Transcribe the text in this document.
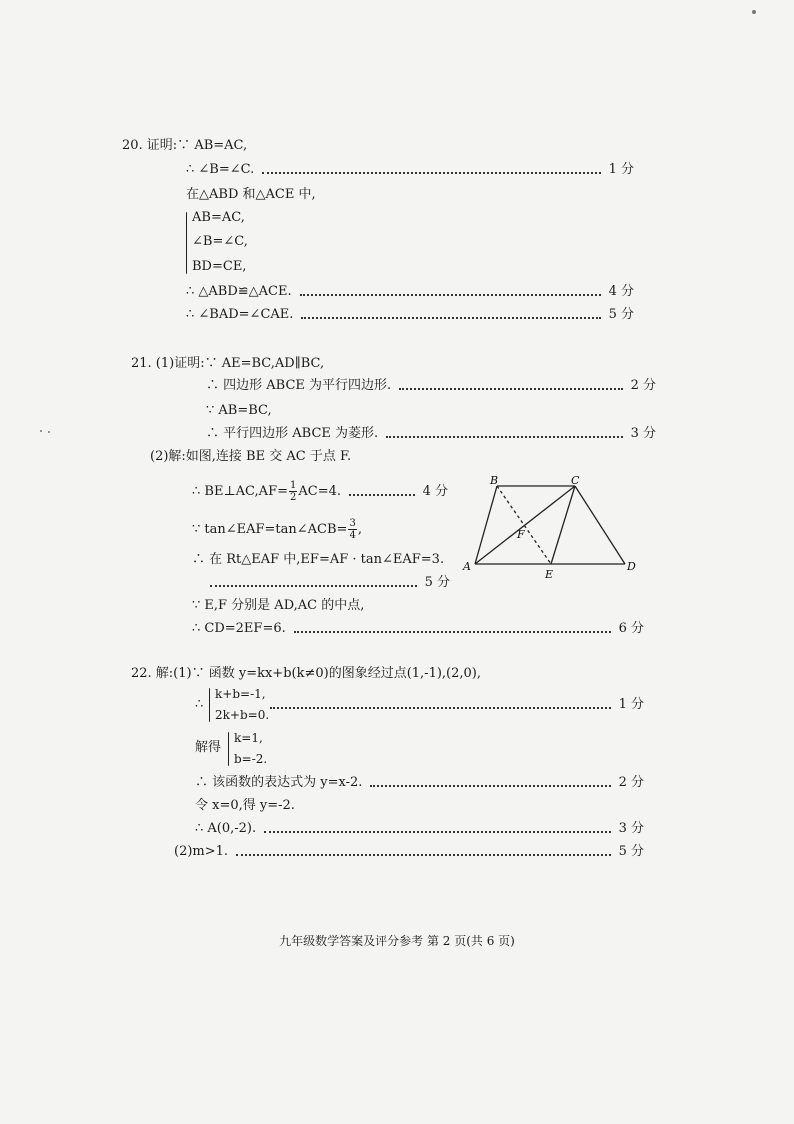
20. 证明:∵ AB=AC,
∴ ∠B=∠C.	1 分
在△ABD 和△ACE 中,
AB=AC,
∠B=∠C,
BD=CE,
∴ △ABD≌△ACE.	4 分
∴ ∠BAD=∠CAE.	5 分
21. (1)证明:∵ AE=BC,AD∥BC,
∴ 四边形 ABCE 为平行四边形.	2 分
∵ AB=BC,
∴ 平行四边形 ABCE 为菱形.	3 分
(2)解:如图,连接 BE 交 AC 于点 F.
∴ BE⊥AC,AF= $\frac{1}{2} AC=4$.	4 分
∵ tan∠EAF=tan∠ACB= $\frac{3}{4}$ ,
∴ 在 Rt△EAF 中,EF=AF · tan∠EAF=3.
5 分
∵ E,F 分别是 AD,AC 的中点,
∴ CD=2EF=6.	6 分
A
B	C
D
E
F
22. 解:(1)∵ 函数 y=kx+b(k≠0)的图象经过点(1,-1),(2,0),
∴
k+b=-1,
2k+b=0.
1 分
解得
k=1,
b=-2.
∴ 该函数的表达式为 y=x-2.	2 分
令 x=0,得 y=-2.
∴ A(0,-2).	3 分
(2)m>1.	5 分
九年级数学答案及评分参考 第 2 页(共 6 页)
